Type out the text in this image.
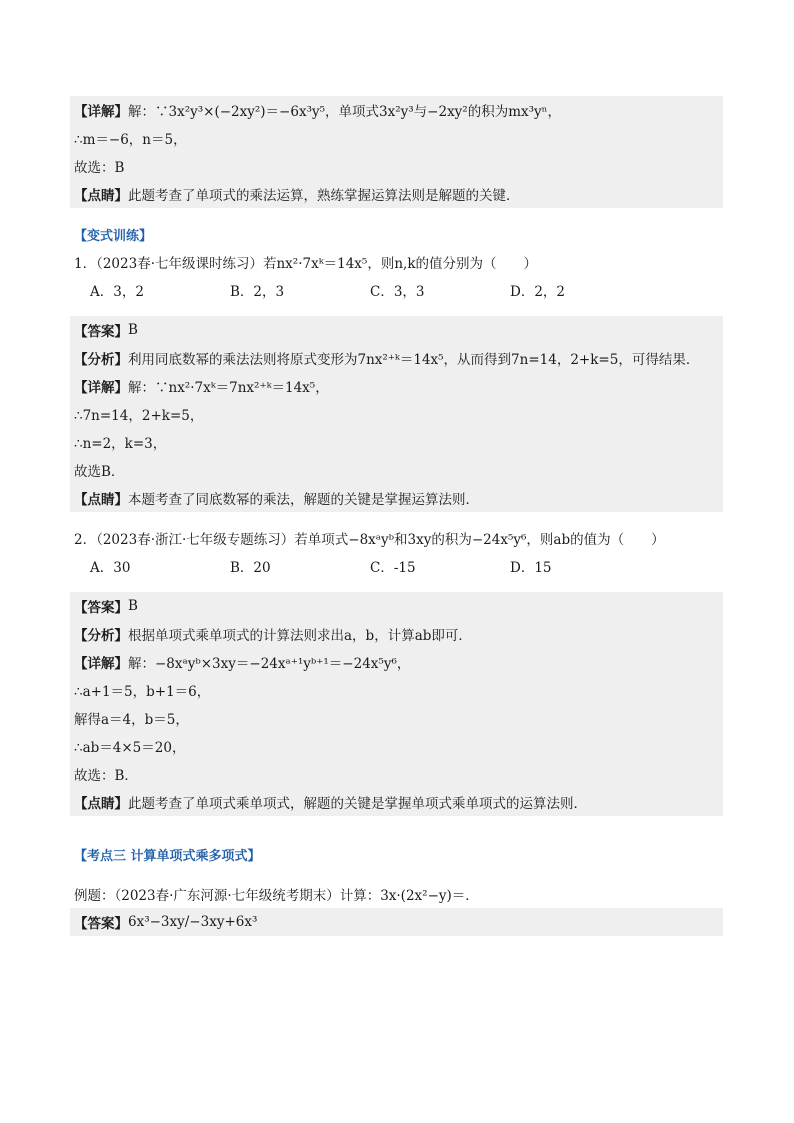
【详解】 解：∵3x²y³×(−2xy²)＝−6x³y⁵，单项式3x²y³与−2xy²的积为mx³yⁿ，
∴m＝−6，n＝5，
故选：B
【点睛】 此题考查了单项式的乘法运算，熟练掌握运算法则是解题的关键．
【变式训练】
1．（2023春·七年级课时练习）若nx²·7xᵏ＝14x⁵，则n,k的值分别为（　　）
A．3，2	B．2，3	C．3，3	D．2，2
【答案】 B
【分析】 利用同底数幂的乘法法则将原式变形为7nx²⁺ᵏ＝14x⁵，从而得到7n=14，2+k=5，可得结果．
【详解】 解：∵nx²·7xᵏ＝7nx²⁺ᵏ＝14x⁵，
∴7n=14，2+k=5，
∴n=2，k=3，
故选B．
【点睛】 本题考查了同底数幂的乘法，解题的关键是掌握运算法则．
2．（2023春·浙江·七年级专题练习）若单项式−8xᵃyᵇ和3xy的积为−24x⁵y⁶，则ab的值为（　　）
A．30	B．20	C．-15	D．15
【答案】 B
【分析】 根据单项式乘单项式的计算法则求出a，b，计算ab即可．
【详解】 解：−8xᵃyᵇ×3xy＝−24xᵃ⁺¹yᵇ⁺¹＝−24x⁵y⁶，
∴a+1＝5，b+1＝6，
解得a＝4，b＝5，
∴ab＝4×5＝20，
故选：B．
【点睛】 此题考查了单项式乘单项式，解题的关键是掌握单项式乘单项式的运算法则．
【考点三 计算单项式乘多项式】
例题：（2023春·广东河源·七年级统考期末）计算：3x·(2x²−y)＝．
【答案】 6x³−3xy/−3xy+6x³
